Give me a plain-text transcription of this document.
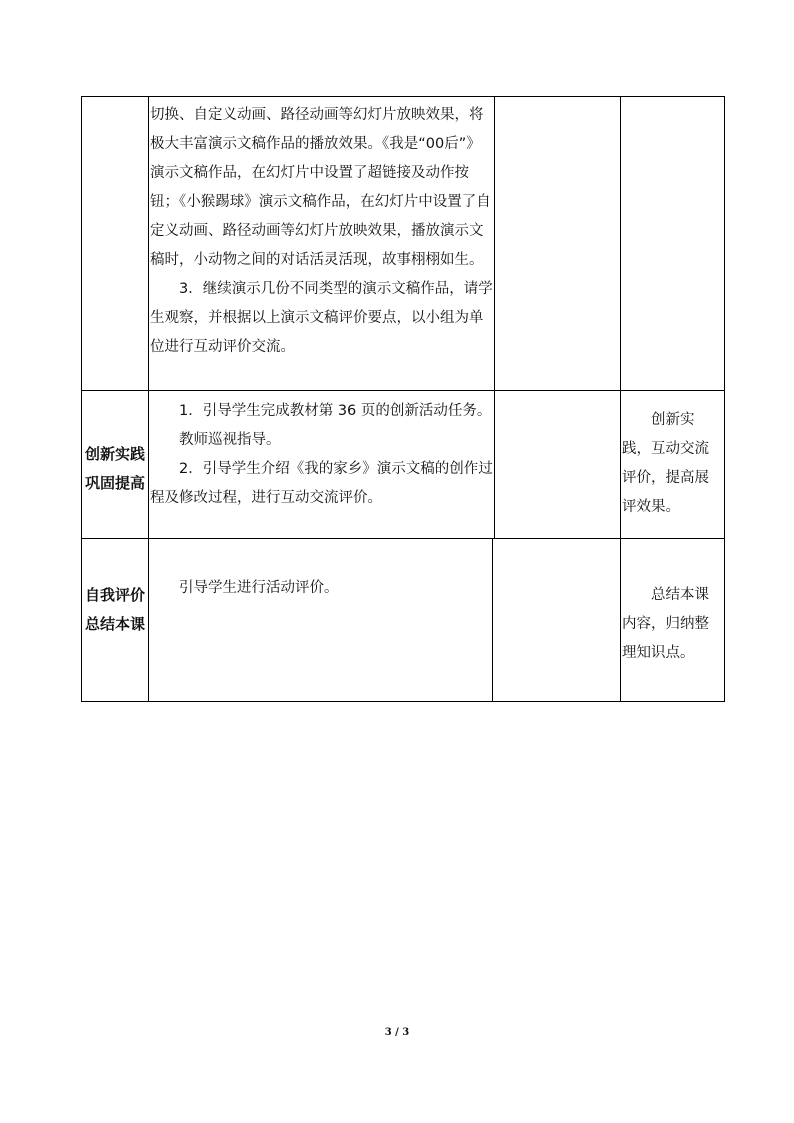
切换、自定义动画、路径动画等幻灯片放映效果，将极大丰富演示文稿作品的播放效果。《我是“00后”》演示文稿作品，在幻灯片中设置了超链接及动作按钮；《小猴踢球》演示文稿作品，在幻灯片中设置了自定义动画、路径动画等幻灯片放映效果，播放演示文稿时，小动物之间的对话活灵活现，故事栩栩如生。

3．继续演示几份不同类型的演示文稿作品，请学生观察，并根据以上演示文稿评价要点，以小组为单位进行互动评价交流。

创新实践
巩固提高

1．引导学生完成教材第 36 页的创新活动任务。

教师巡视指导。

2．引导学生介绍《我的家乡》演示文稿的创作过程及修改过程，进行互动交流评价。

创新实践，互动交流评价，提高展评效果。

自我评价
总结本课

引导学生进行活动评价。	总结本课内容，归纳整理知识点。

3 / 3
